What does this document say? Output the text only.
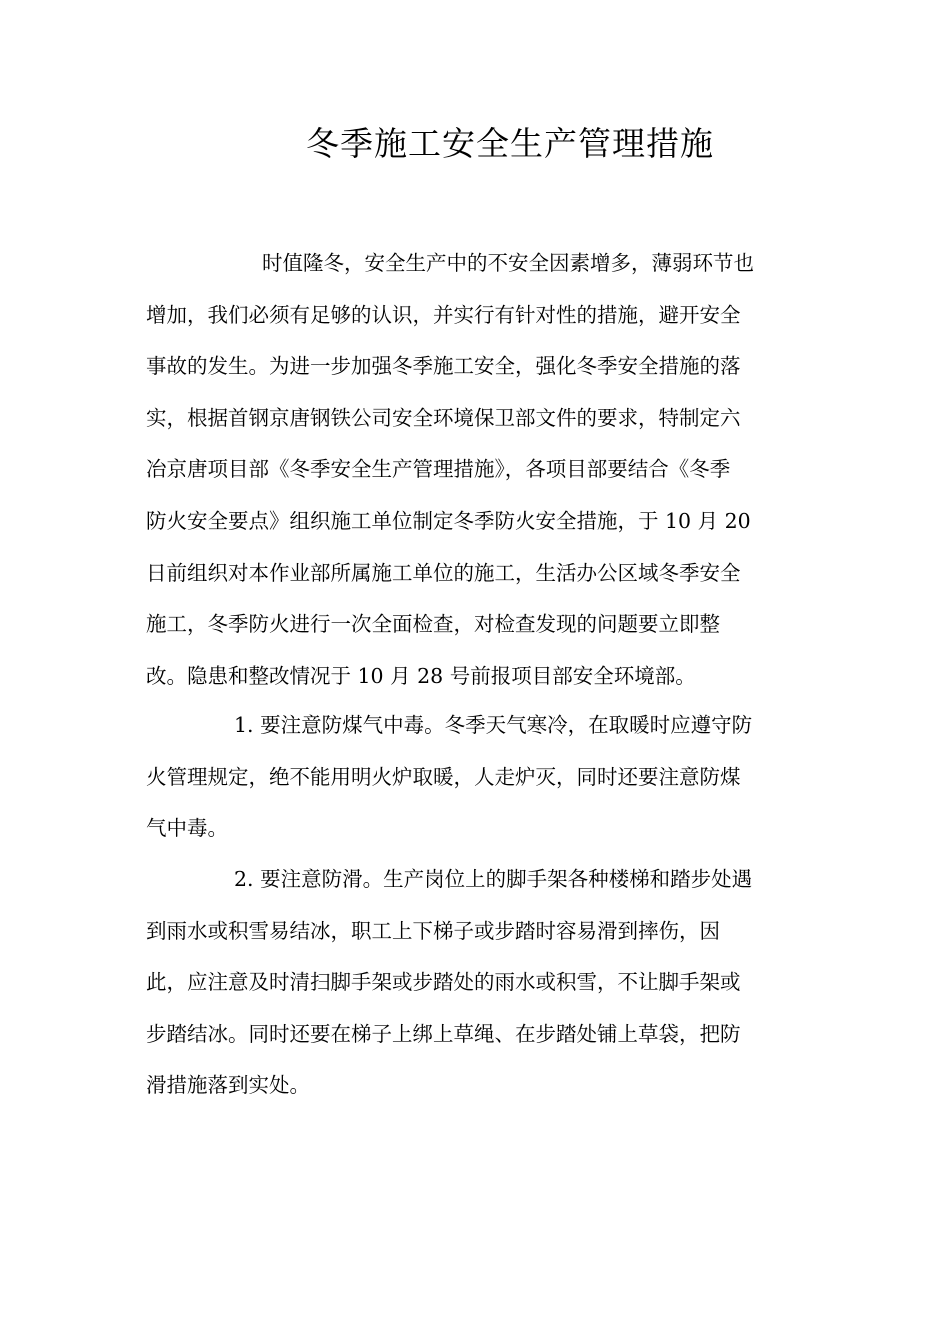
冬季施工安全生产管理措施
时值隆冬，安全生产中的不安全因素增多，薄弱环节也
增加，我们必须有足够的认识，并实行有针对性的措施，避开安全
事故的发生。为进一步加强冬季施工安全，强化冬季安全措施的落
实，根据首钢京唐钢铁公司安全环境保卫部文件的要求，特制定六
冶京唐项目部《冬季安全生产管理措施》，各项目部要结合《冬季
防火安全要点》组织施工单位制定冬季防火安全措施，于 10 月 20
日前组织对本作业部所属施工单位的施工，生活办公区域冬季安全
施工，冬季防火进行一次全面检查，对检查发现的问题要立即整
改。隐患和整改情况于 10 月 28 号前报项目部安全环境部。
1. 要注意防煤气中毒。冬季天气寒冷，在取暖时应遵守防
火管理规定，绝不能用明火炉取暖，人走炉灭，同时还要注意防煤
气中毒。
2. 要注意防滑。生产岗位上的脚手架各种楼梯和踏步处遇
到雨水或积雪易结冰，职工上下梯子或步踏时容易滑到摔伤，因
此，应注意及时清扫脚手架或步踏处的雨水或积雪，不让脚手架或
步踏结冰。同时还要在梯子上绑上草绳、在步踏处铺上草袋，把防
滑措施落到实处。
